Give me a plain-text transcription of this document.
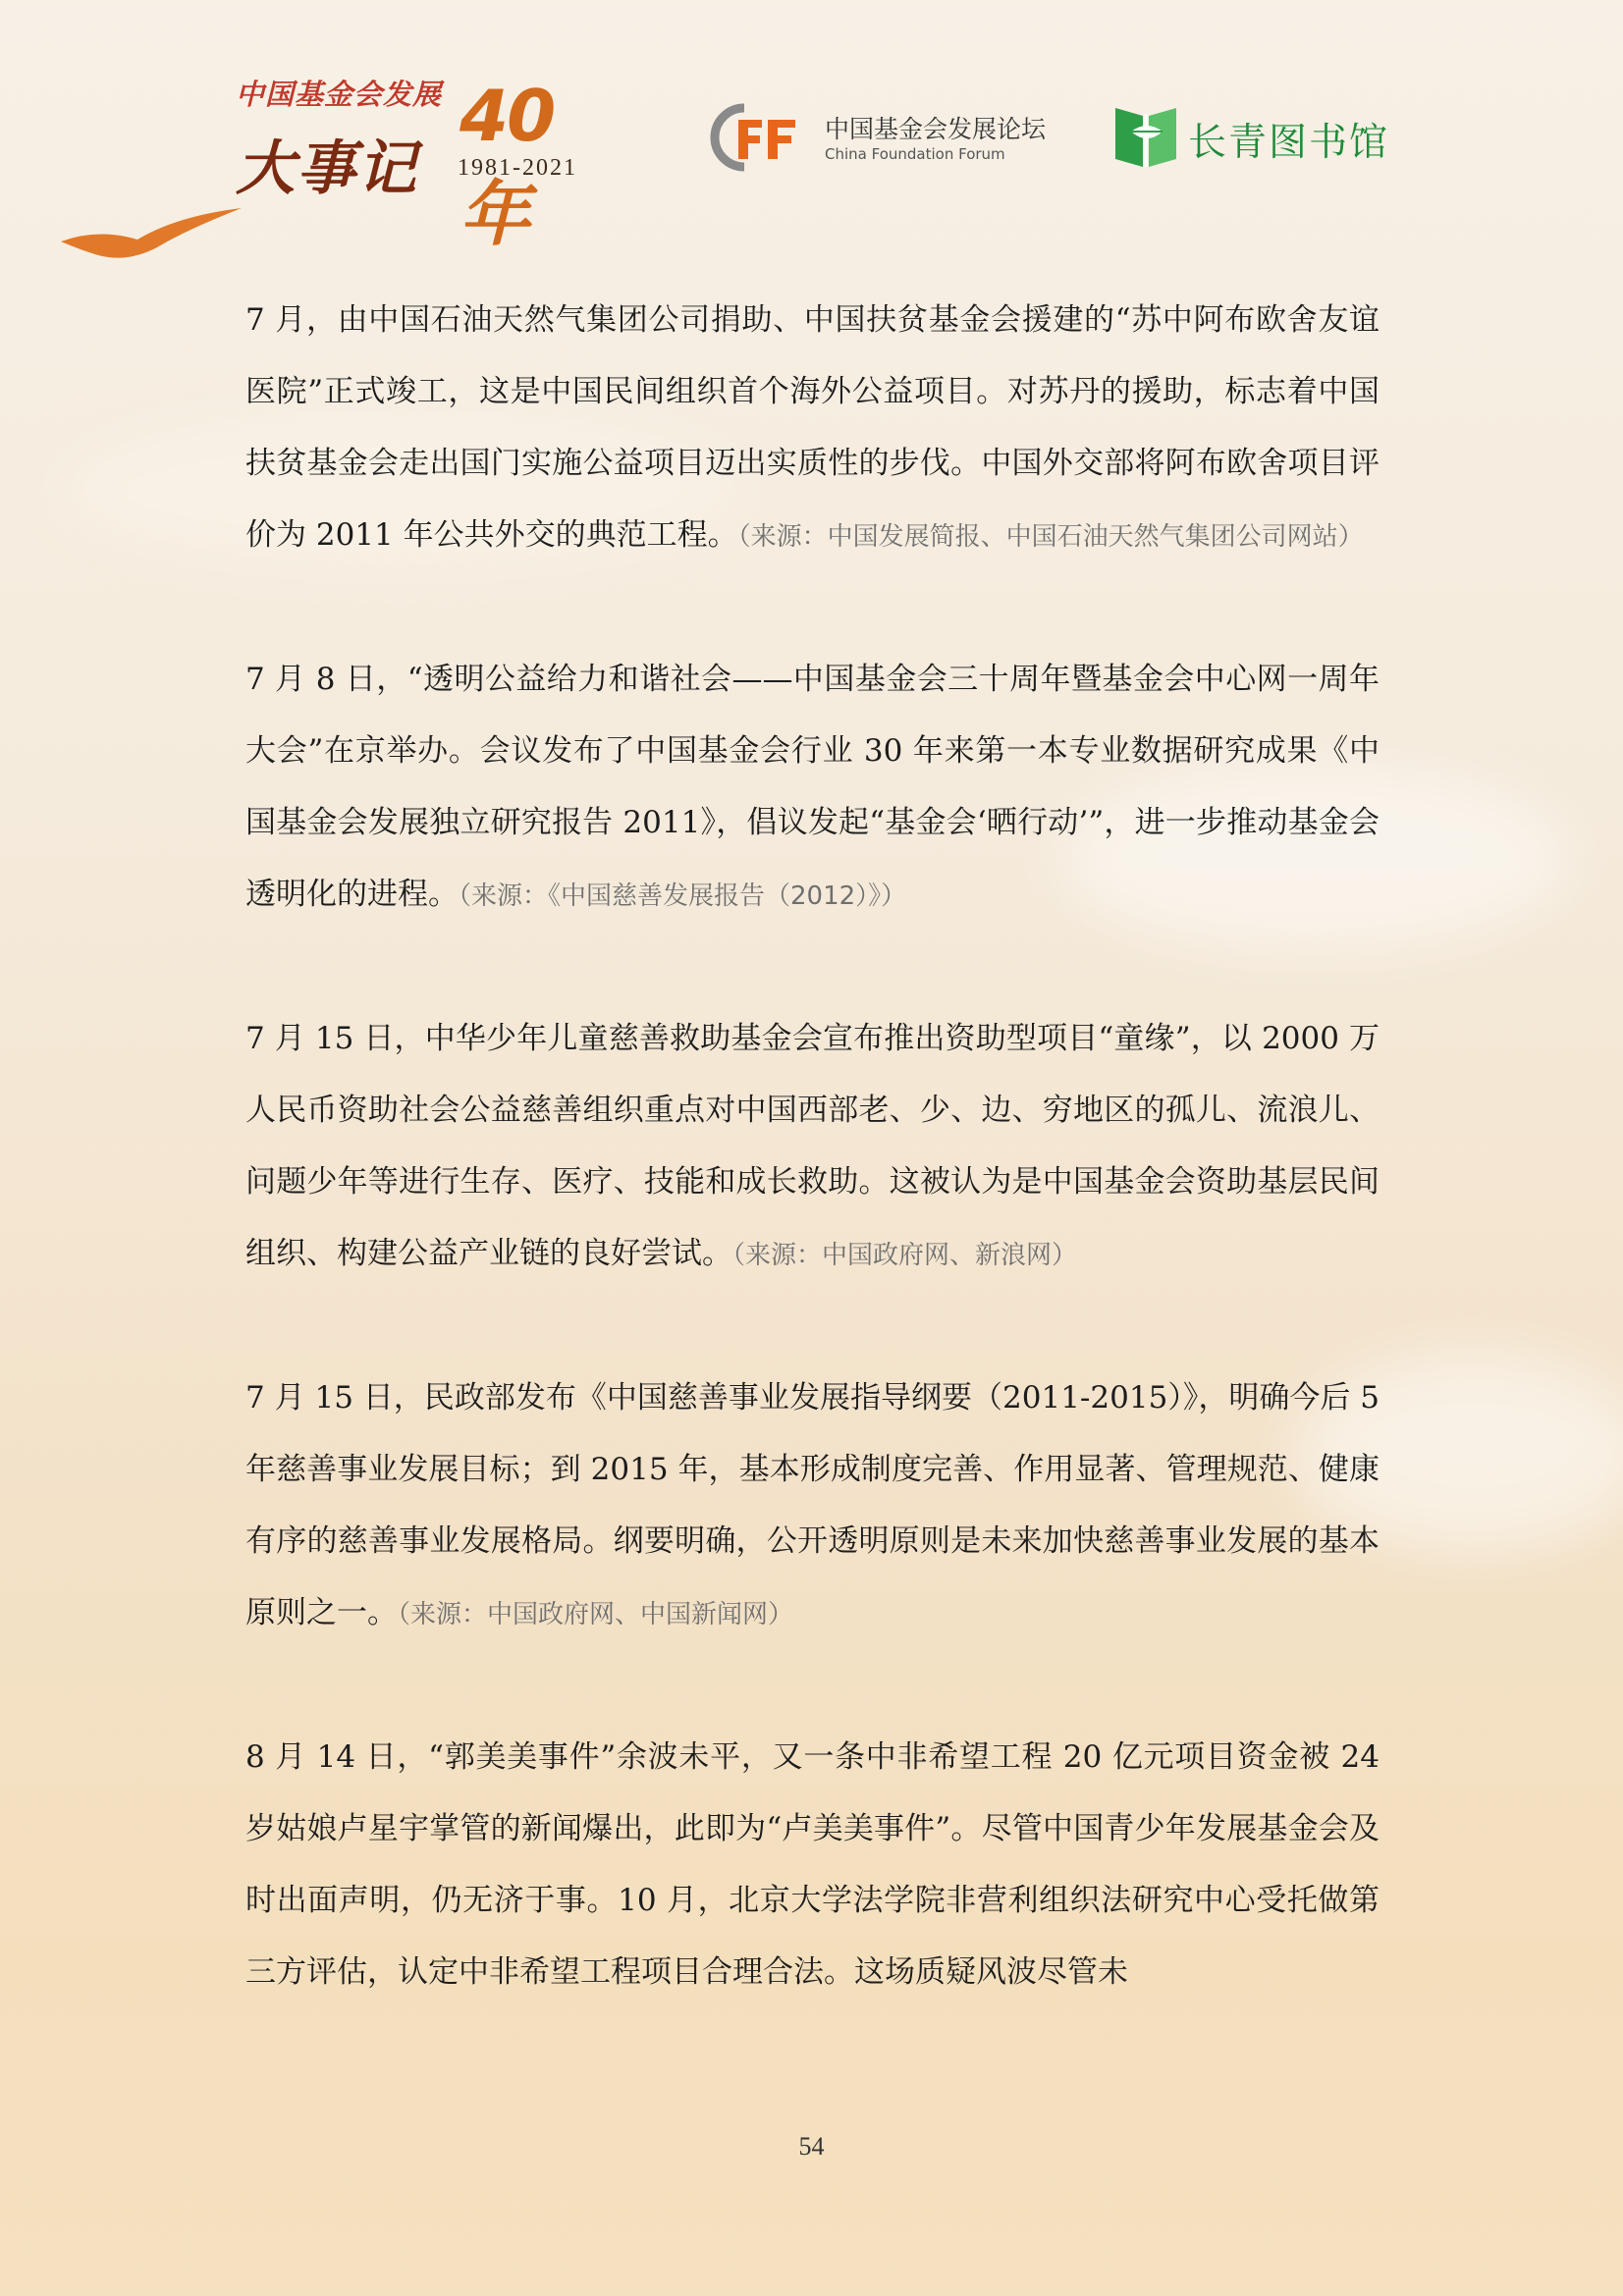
中国基金会发展
大事记
40年
1981-2021
中国基金会发展论坛
China Foundation Forum	长青图书馆

7 月，由中国石油天然气集团公司捐助、中国扶贫基金会援建的“苏中阿布欧舍友谊医院”正式竣工，这是中国民间组织首个海外公益项目。对苏丹的援助，标志着中国扶贫基金会走出国门实施公益项目迈出实质性的步伐。中国外交部将阿布欧舍项目评价为 2011 年公共外交的典范工程。（来源：中国发展简报、中国石油天然气集团公司网站）

7 月 8 日，“透明公益给力和谐社会——中国基金会三十周年暨基金会中心网一周年大会”在京举办。会议发布了中国基金会行业 30 年来第一本专业数据研究成果《中国基金会发展独立研究报告 2011》，倡议发起“基金会‘晒行动’”，进一步推动基金会透明化的进程。（来源：《中国慈善发展报告（2012）》）

7 月 15 日，中华少年儿童慈善救助基金会宣布推出资助型项目“童缘”，以 2000 万人民币资助社会公益慈善组织重点对中国西部老、少、边、穷地区的孤儿、流浪儿、问题少年等进行生存、医疗、技能和成长救助。这被认为是中国基金会资助基层民间组织、构建公益产业链的良好尝试。（来源：中国政府网、新浪网）

7 月 15 日，民政部发布《中国慈善事业发展指导纲要（2011-2015）》，明确今后 5 年慈善事业发展目标；到 2015 年，基本形成制度完善、作用显著、管理规范、健康有序的慈善事业发展格局。纲要明确，公开透明原则是未来加快慈善事业发展的基本原则之一。（来源：中国政府网、中国新闻网）

8 月 14 日，“郭美美事件”余波未平，又一条中非希望工程 20 亿元项目资金被 24 岁姑娘卢星宇掌管的新闻爆出，此即为“卢美美事件”。尽管中国青少年发展基金会及时出面声明，仍无济于事。10 月，北京大学法学院非营利组织法研究中心受托做第三方评估，认定中非希望工程项目合理合法。这场质疑风波尽管未

54
